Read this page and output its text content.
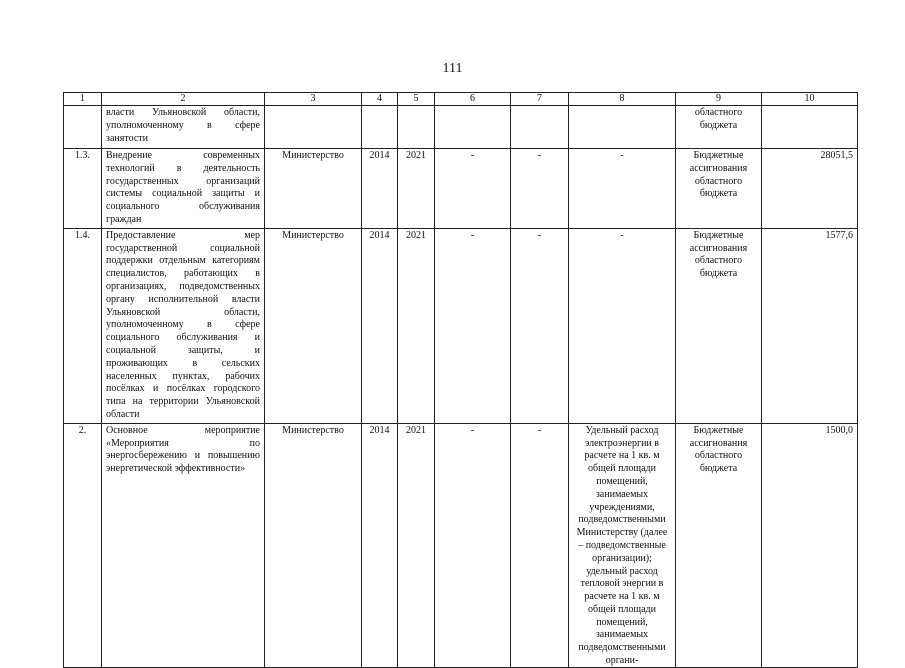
111
1	2	3	4	5	6	7	8	9	10
	власти Ульяновской области, уполномоченному в сфере занятости							областного бюджета	
1.3.	Внедрение современных технологий в деятельность государственных организаций системы социальной защиты и социального обслуживания граждан	Министерство	2014	2021	-	-	-	Бюджетные ассигнования областного бюджета	28051,5
1.4.	Предоставление мер государственной социальной поддержки отдельным категориям специалистов, работающих в организациях, подведомственных органу исполнительной власти Ульяновской области, уполномоченному в сфере социального обслуживания и социальной защиты, и проживающих в сельских населенных пунктах, рабочих посёлках и посёлках городского типа на территории Ульяновской области	Министерство	2014	2021	-	-	-	Бюджетные ассигнования областного бюджета	1577,6
2.	Основное мероприятие «Мероприятия по энергосбережению и повышению энергетической эффективности»	Министерство	2014	2021	-	-	Удельный расход электроэнергии в расчете на 1 кв. м общей площади помещений, занимаемых учреждениями, подведомственными Министерству (далее – подведомственные организации); удельный расход тепловой энергии в расчете на 1 кв. м общей площади помещений, занимаемых подведомственными органи-	Бюджетные ассигнования областного бюджета	1500,0
